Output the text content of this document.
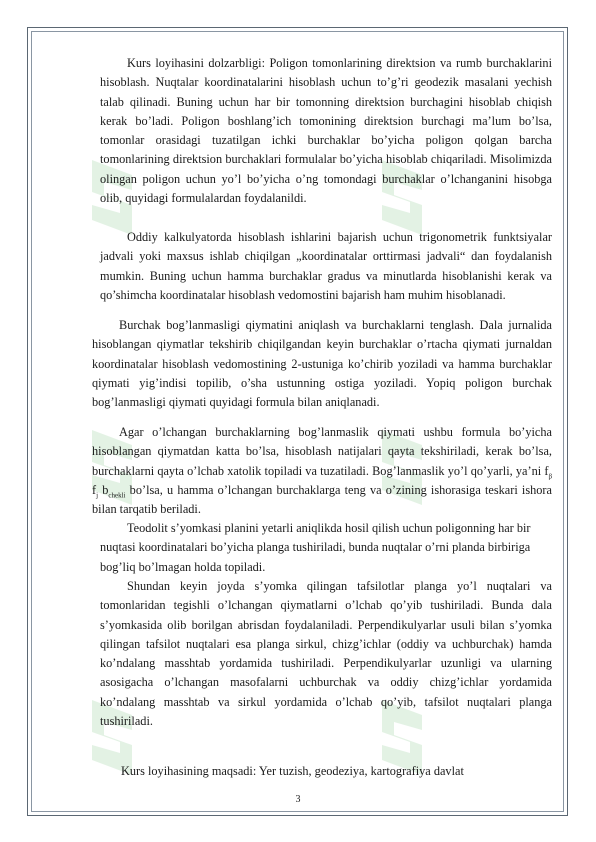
Kurs loyihasini dolzarbligi: Poligon tomonlarining direktsion va rumb burchaklarini hisoblash. Nuqtalar koordinatalarini hisoblash uchun to’g’ri geodezik masalani yechish talab qilinadi. Buning uchun har bir tomonning direktsion burchagini hisoblab chiqish kerak bo’ladi. Poligon boshlang’ich tomonining direktsion burchagi ma’lum bo’lsa, tomonlar orasidagi tuzatilgan ichki burchaklar bo’yicha poligon qolgan barcha tomonlarining direktsion burchaklari formulalar bo’yicha hisoblab chiqariladi. Misolimizda olingan poligon uchun yo’l bo’yicha o’ng tomondagi burchaklar o’lchanganini hisobga olib, quyidagi formulalardan foydalanildi.

Oddiy kalkulyatorda hisoblash ishlarini bajarish uchun trigonometrik funktsiyalar jadvali yoki maxsus ishlab chiqilgan „koordinatalar orttirmasi jadvali“ dan foydalanish mumkin. Buning uchun hamma burchaklar gradus va minutlarda hisoblanishi kerak va qo’shimcha koordinatalar hisoblash vedomostini bajarish ham muhim hisoblanadi.

Burchak bog’lanmasligi qiymatini aniqlash va burchaklarni tenglash. Dala jurnalida hisoblangan qiymatlar tekshirib chiqilgandan keyin burchaklar o’rtacha qiymati jurnaldan koordinatalar hisoblash vedomostining 2-ustuniga ko’chirib yoziladi va hamma burchaklar qiymati yig’indisi topilib, o’sha ustunning ostiga yoziladi. Yopiq poligon burchak bog’lanmasligi qiymati quyidagi formula bilan aniqlanadi.

Agar o’lchangan burchaklarning bog’lanmaslik qiymati ushbu formula bo’yicha hisoblangan qiymatdan katta bo’lsa, hisoblash natijalari qayta tekshiriladi, kerak bo’lsa, burchaklarni qayta o’lchab xatolik topiladi va tuzatiladi. Bog’lanmaslik yo’l qo’yarli, ya’ni $f_\beta$ $f_j$ $b_{chekli}$ bo’lsa, u hamma o’lchangan burchaklarga teng va o’zining ishorasiga teskari ishora bilan tarqatib beriladi.

Teodolit s’yomkasi planini yetarli aniqlikda hosil qilish uchun poligonning har bir nuqtasi koordinatalari bo’yicha planga tushiriladi, bunda nuqtalar o’rni planda birbiriga bog’liq bo’lmagan holda topiladi.

Shundan keyin joyda s’yomka qilingan tafsilotlar planga yo’l nuqtalari va tomonlaridan tegishli o’lchangan qiymatlarni o’lchab qo’yib tushiriladi. Bunda dala s’yomkasida olib borilgan abrisdan foydalaniladi. Perpendikulyarlar usuli bilan s’yomka qilingan tafsilot nuqtalari esa planga sirkul, chizg’ichlar (oddiy va uchburchak) hamda ko’ndalang masshtab yordamida tushiriladi. Perpendikulyarlar uzunligi va ularning asosigacha o’lchangan masofalarni uchburchak va oddiy chizg’ichlar yordamida ko’ndalang masshtab va sirkul yordamida o’lchab qo’yib, tafsilot nuqtalari planga tushiriladi.

Kurs loyihasining maqsadi: Yer tuzish, geodeziya, kartografiya davlat
3
